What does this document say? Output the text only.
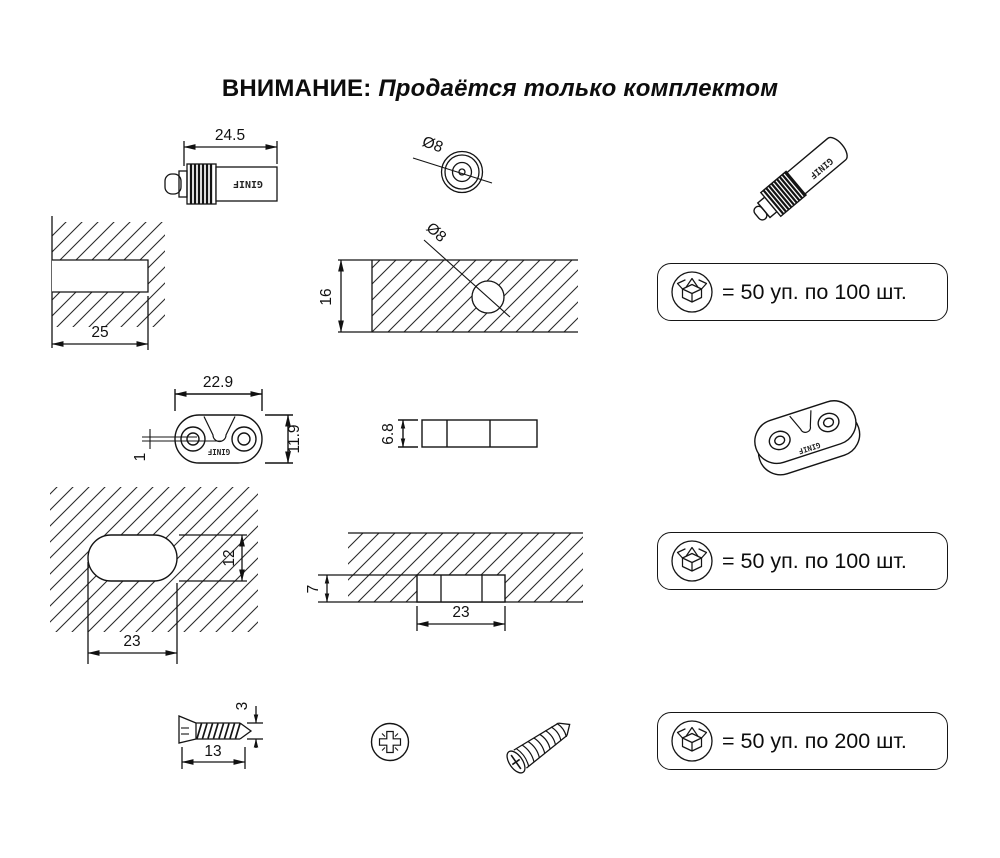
ВНИМАНИЕ: Продаётся только комплектом
24.5
GINIF
Ø8
GINIF
25
Ø8
16
GINIF
22.9
11.9
1
6.8
GINIF
12
23
7
23
13
3
= 50 уп. по 100 шт.
= 50 уп. по 100 шт.
= 50 уп. по 200 шт.
